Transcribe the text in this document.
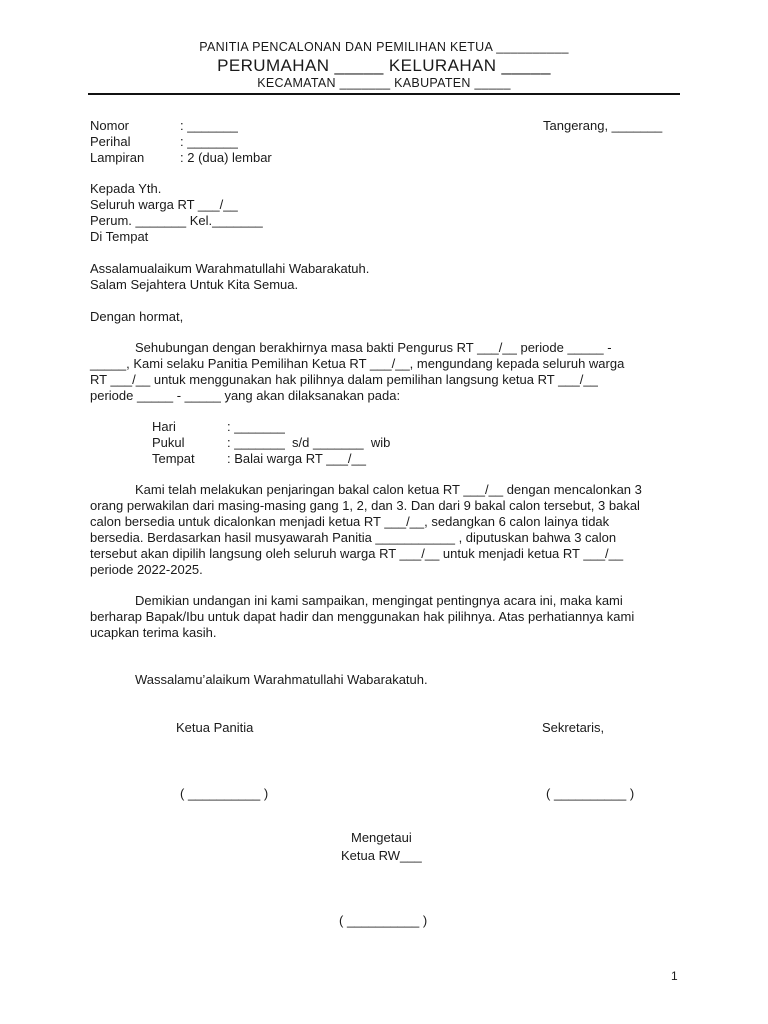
PANITIA PENCALONAN DAN PEMILIHAN KETUA __________
PERUMAHAN _____ KELURAHAN _____
KECAMATAN _______ KABUPATEN _____
Nomor	: _______	Tangerang, _______
Perihal	: _______
Lampiran	: 2 (dua) lembar
Kepada Yth.
Seluruh warga RT ___/__
Perum. _______ Kel._______
Di Tempat
Assalamualaikum Warahmatullahi Wabarakatuh.
Salam Sejahtera Untuk Kita Semua.
Dengan hormat,
Sehubungan dengan berakhirnya masa bakti Pengurus RT ___/__ periode _____ -
_____, Kami selaku Panitia Pemilihan Ketua RT ___/__, mengundang kepada seluruh warga
RT ___/__ untuk menggunakan hak pilihnya dalam pemilihan langsung ketua RT ___/__
periode _____ - _____ yang akan dilaksanakan pada:
Hari	: _______
Pukul	: _______  s/d _______  wib
Tempat : Balai warga RT ___/__
Kami telah melakukan penjaringan bakal calon ketua RT ___/__ dengan mencalonkan 3
orang perwakilan dari masing-masing gang 1, 2, dan 3. Dan dari 9 bakal calon tersebut, 3 bakal
calon bersedia untuk dicalonkan menjadi ketua RT ___/__, sedangkan 6 calon lainya tidak
bersedia. Berdasarkan hasil musyawarah Panitia ___________ , diputuskan bahwa 3 calon
tersebut akan dipilih langsung oleh seluruh warga RT ___/__ untuk menjadi ketua RT ___/__
periode 2022-2025.
Demikian undangan ini kami sampaikan, mengingat pentingnya acara ini, maka kami
berharap Bapak/Ibu untuk dapat hadir dan menggunakan hak pilihnya. Atas perhatiannya kami
ucapkan terima kasih.
Wassalamu’alaikum Warahmatullahi Wabarakatuh.
Ketua Panitia	Sekretaris,
( __________ )	( __________ )
Mengetaui
Ketua RW___
( __________ )
1
